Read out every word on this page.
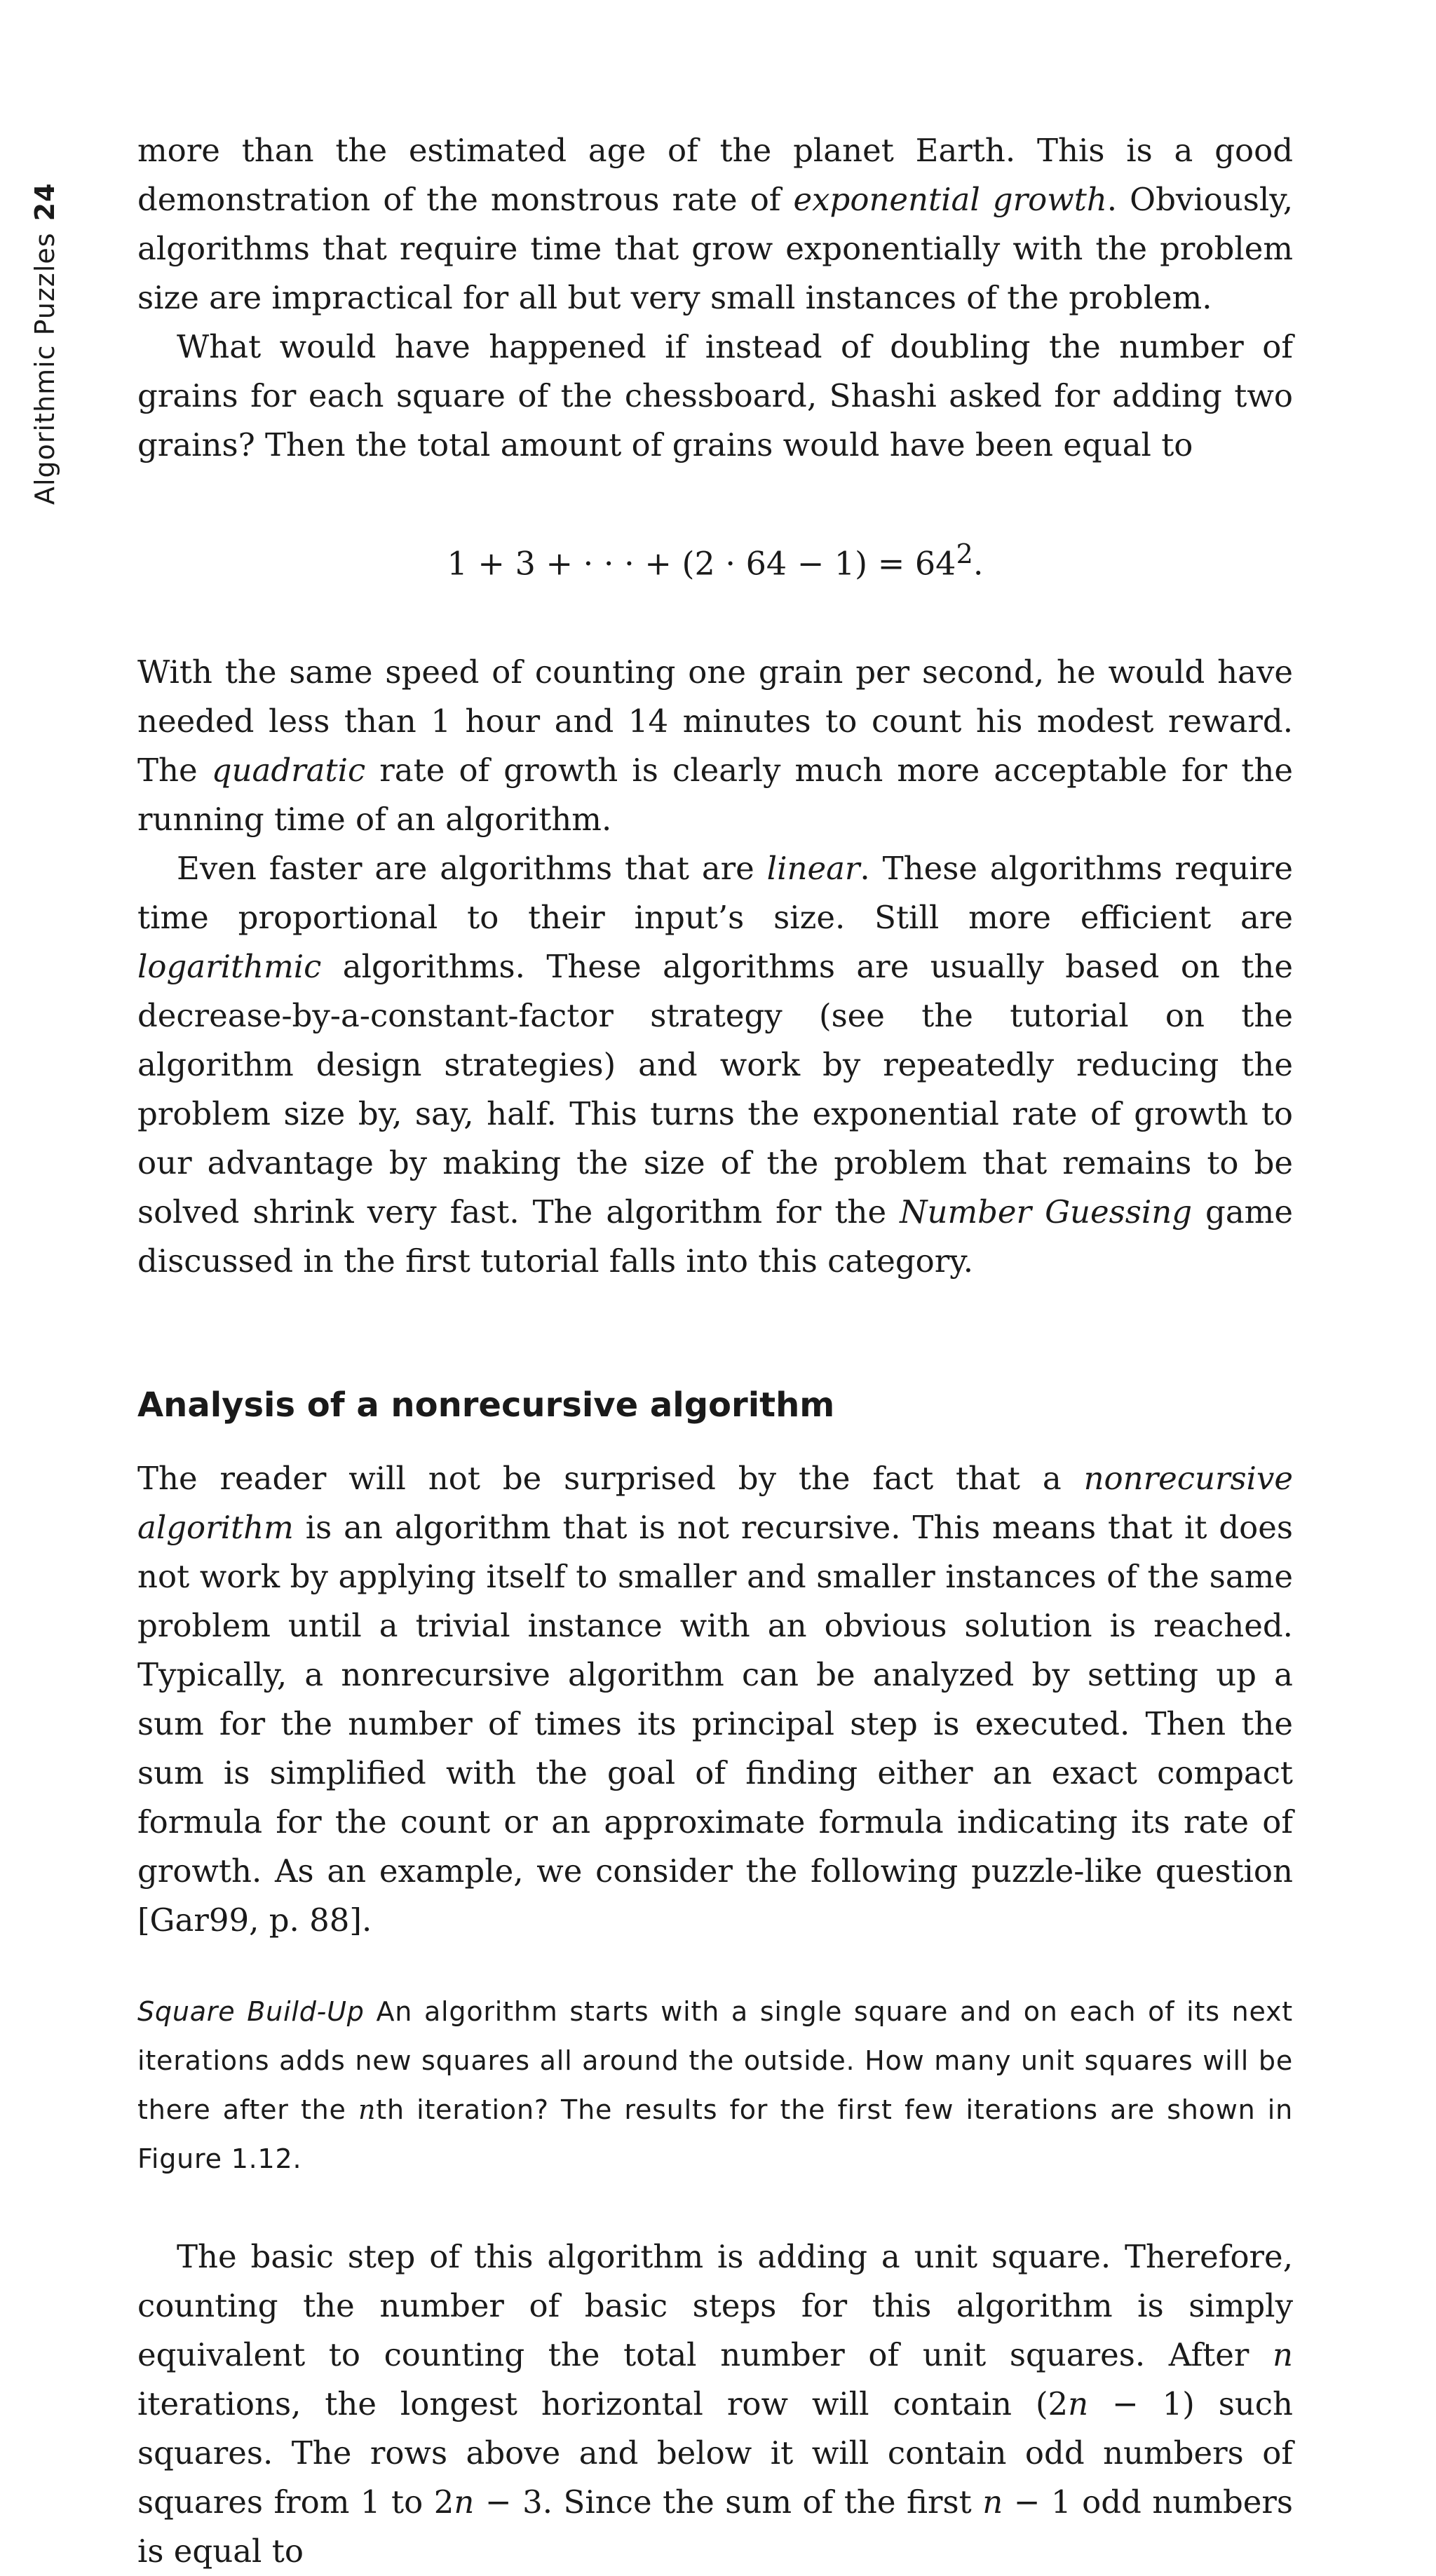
Algorithmic Puzzles24

more than the estimated age of the planet Earth. This is a good demonstration of the monstrous rate of exponential growth. Obviously, algorithms that require time that grow exponentially with the problem size are impractical for all but very small instances of the problem.

What would have happened if instead of doubling the number of grains for each square of the chessboard, Shashi asked for adding two grains? Then the total amount of grains would have been equal to

1 + 3 + · · · + $(2 \cdot 64 - 1) = 64^2$.

With the same speed of counting one grain per second, he would have needed less than 1 hour and 14 minutes to count his modest reward. The quadratic rate of growth is clearly much more acceptable for the running time of an algorithm.

Even faster are algorithms that are linear. These algorithms require time proportional to their input’s size. Still more efficient are logarithmic algorithms. These algorithms are usually based on the decrease-by-a-constant-factor strategy (see the tutorial on the algorithm design strategies) and work by repeatedly reducing the problem size by, say, half. This turns the exponential rate of growth to our advantage by making the size of the problem that remains to be solved shrink very fast. The algorithm for the Number Guessing game discussed in the first tutorial falls into this category.

Analysis of a nonrecursive algorithm

The reader will not be surprised by the fact that a nonrecursive algorithm is an algorithm that is not recursive. This means that it does not work by applying itself to smaller and smaller instances of the same problem until a trivial instance with an obvious solution is reached. Typically, a nonrecursive algorithm can be analyzed by setting up a sum for the number of times its principal step is executed. Then the sum is simplified with the goal of finding either an exact compact formula for the count or an approximate formula indicating its rate of growth. As an example, we consider the following puzzle-like question [Gar99, p. 88].

Square Build-Up An algorithm starts with a single square and on each of its next iterations adds new squares all around the outside. How many unit squares will be there after the nth iteration? The results for the first few iterations are shown in Figure 1.12.

The basic step of this algorithm is adding a unit square. Therefore, counting the number of basic steps for this algorithm is simply equivalent to counting the total number of unit squares. After n iterations, the longest horizontal row will contain (2n − 1) such squares. The rows above and below it will contain odd numbers of squares from 1 to 2n − 3. Since the sum of the first n − 1 odd numbers is equal to
